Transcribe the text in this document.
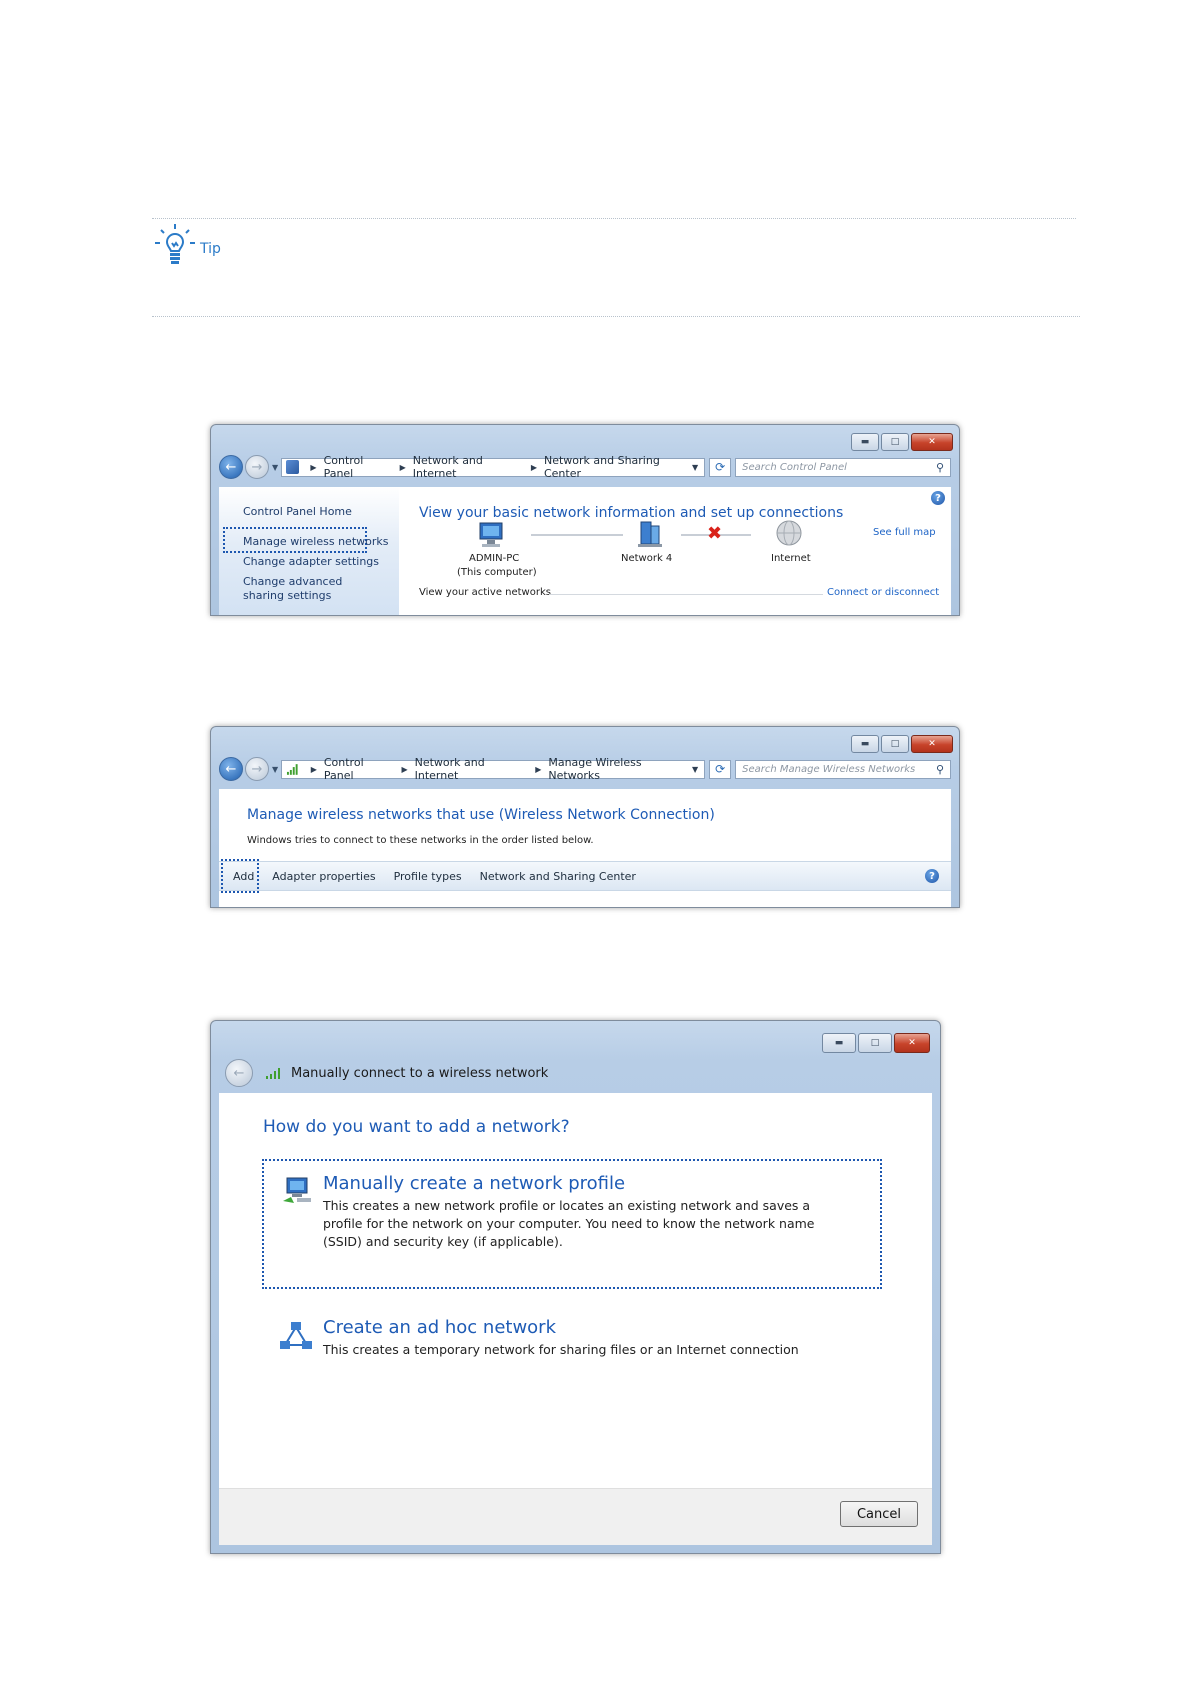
Tip
▬	□	✕
←	→	▼	▶ Control Panel	▶ Network and Internet	▶ Network and Sharing Center	▼	⟳	Search Control Panel	⚲
Control Panel Home
Manage wireless networks
Change adapter settings
Change advanced sharing settings
?
View your basic network information and set up connections
See full map
✖
ADMIN-PC
(This computer)
Network 4	Internet
View your active networks	Connect or disconnect
▬	□	✕
←	→	▼	▶ Control Panel	▶ Network and Internet	▶ Manage Wireless Networks	▼	⟳	Search Manage Wireless Networks ⚲
Manage wireless networks that use (Wireless Network Connection)
Windows tries to connect to these networks in the order listed below.
Add Adapter properties Profile types Network and Sharing Center	?
▬	□	✕
←	Manually connect to a wireless network
How do you want to add a network?
Manually create a network profile
This creates a new network profile or locates an existing network and saves a profile for the network on your computer. You need to know the network name (SSID) and security key (if applicable).
Create an ad hoc network
This creates a temporary network for sharing files or an Internet connection
Cancel
